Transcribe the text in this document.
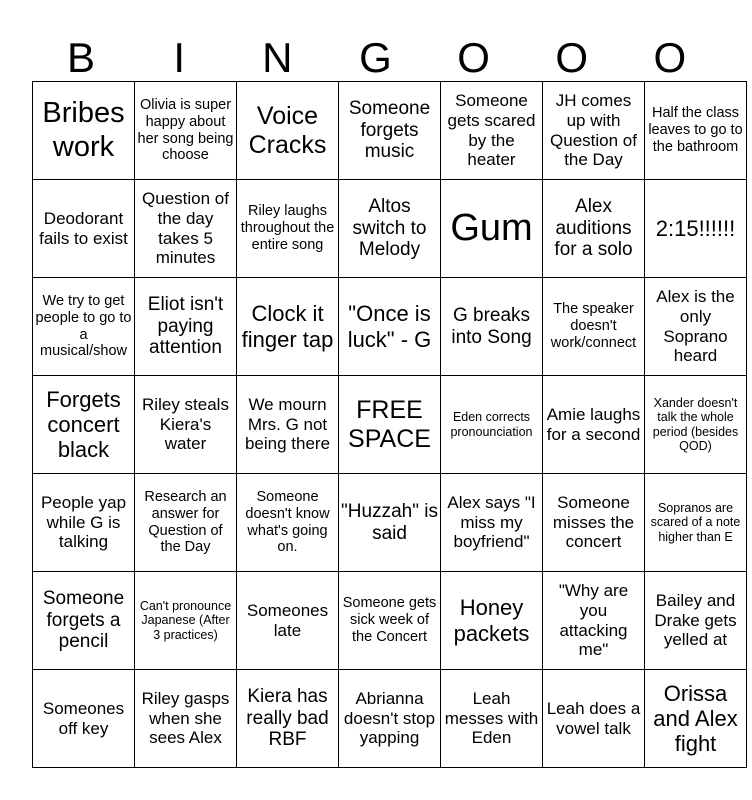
B	I	N	G	O	O	O
Bribes work	Olivia is super happy about her song being choose	Voice Cracks	Someone forgets music	Someone gets scared by the heater	JH comes up with Question of the Day	Half the class leaves to go to the bathroom
Deodorant fails to exist	Question of the day takes 5 minutes	Riley laughs throughout the entire song	Altos switch to Melody	Gum	Alex auditions for a solo	2:15!!!!!!
We try to get people to go to a musical/show	Eliot isn't paying attention	Clock it finger tap	"Once is luck" - G	G breaks into Song	The speaker doesn't work/connect	Alex is the only Soprano heard
Forgets concert black	Riley steals Kiera's water	We mourn Mrs. G not being there	FREE SPACE	Eden corrects pronounciation	Amie laughs for a second	Xander doesn't talk the whole period (besides QOD)
People yap while G is talking	Research an answer for Question of the Day	Someone doesn't know what's going on.	"Huzzah" is said	Alex says "I miss my boyfriend"	Someone misses the concert	Sopranos are scared of a note higher than E
Someone forgets a pencil	Can't pronounce Japanese (After 3 practices)	Someones late	Someone gets sick week of the Concert	Honey packets	"Why are you attacking me"	Bailey and Drake gets yelled at
Someones off key	Riley gasps when she sees Alex	Kiera has really bad RBF	Abrianna doesn't stop yapping	Leah messes with Eden	Leah does a vowel talk	Orissa and Alex fight
